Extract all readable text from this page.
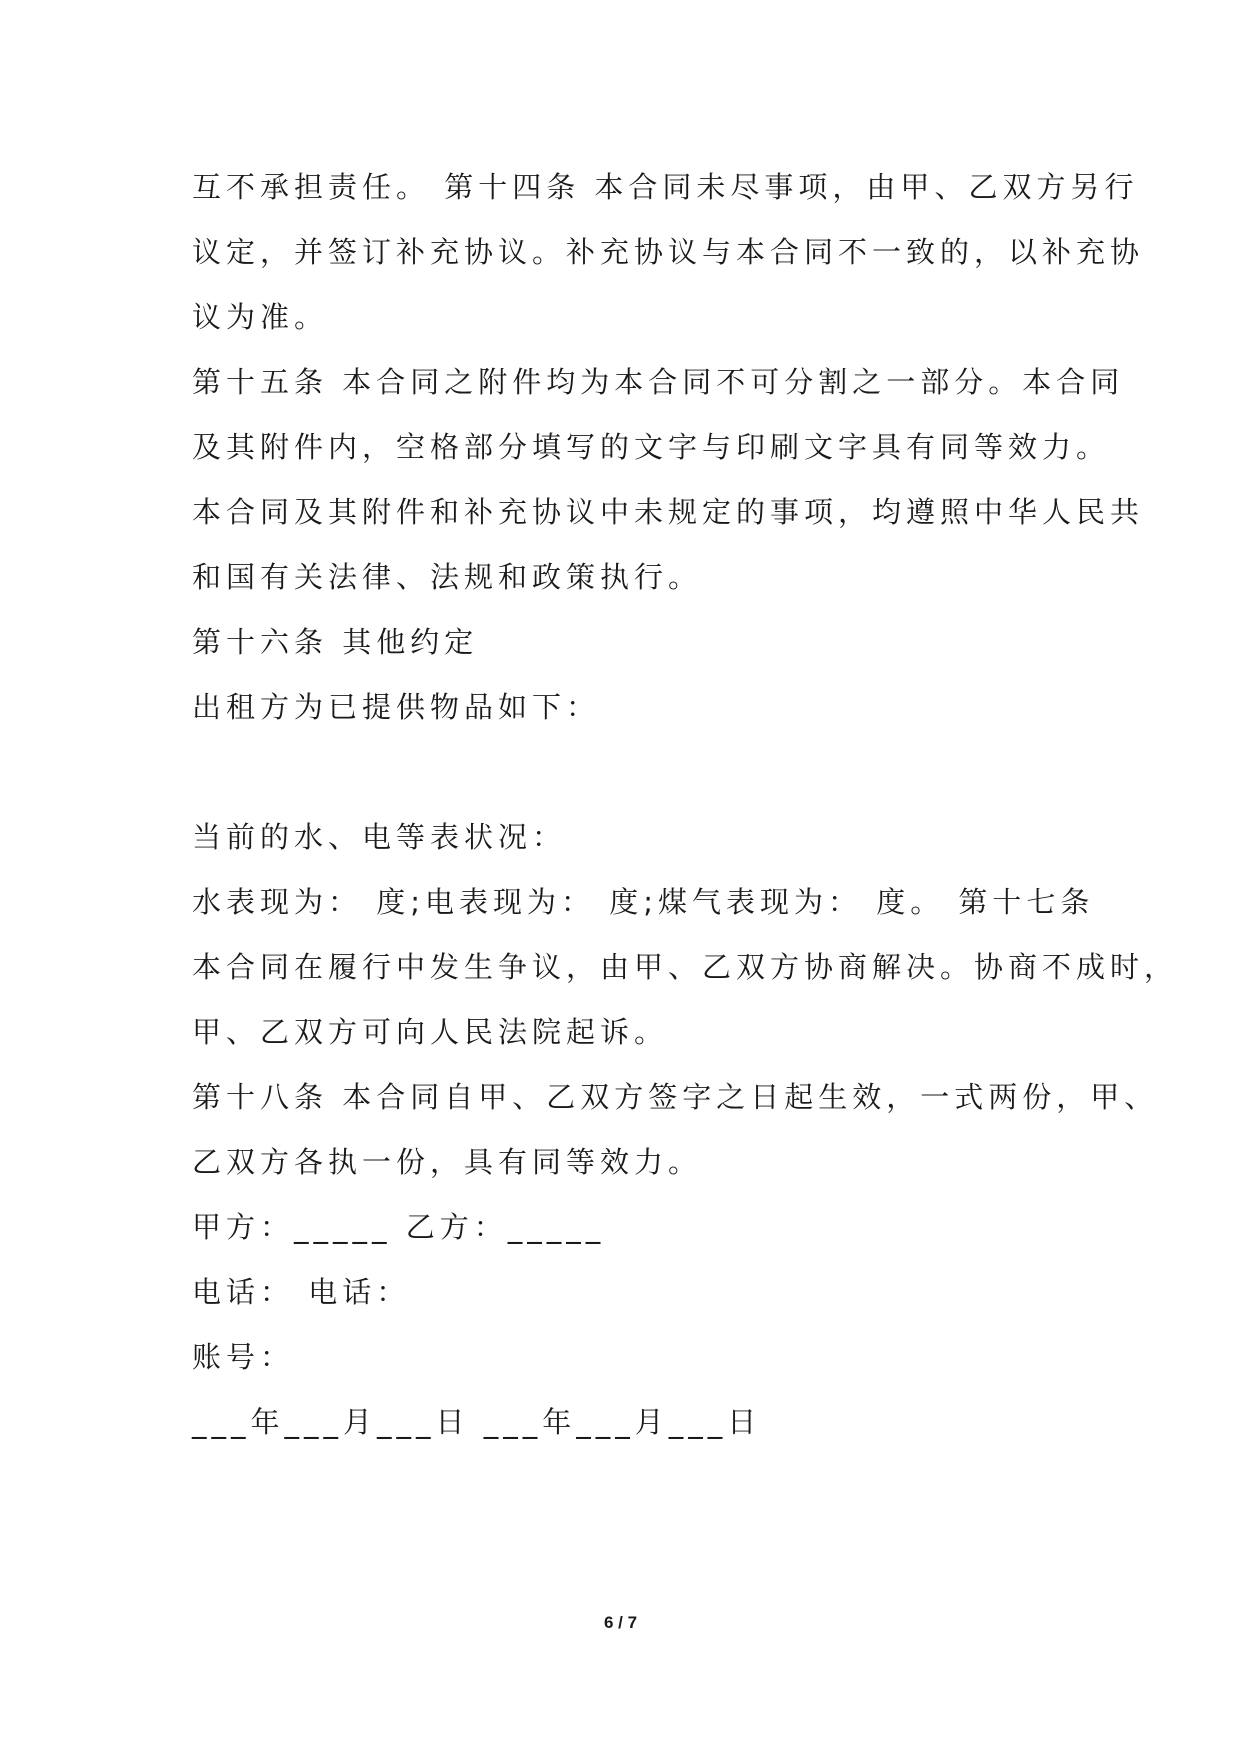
互不承担责任。 第十四条 本合同未尽事项，由甲、乙双方另行
议定，并签订补充协议。补充协议与本合同不一致的，以补充协
议为准。
第十五条 本合同之附件均为本合同不可分割之一部分。本合同
及其附件内，空格部分填写的文字与印刷文字具有同等效力。
本合同及其附件和补充协议中未规定的事项，均遵照中华人民共
和国有关法律、法规和政策执行。
第十六条 其他约定
出租方为已提供物品如下：
当前的水、电等表状况：
水表现为： 度;电表现为： 度;煤气表现为： 度。 第十七条
本合同在履行中发生争议，由甲、乙双方协商解决。协商不成时，
甲、乙双方可向人民法院起诉。
第十八条 本合同自甲、乙双方签字之日起生效，一式两份，甲、
乙双方各执一份，具有同等效力。
甲方：_____ 乙方：_____
电话： 电话：
账号：
___年___月___日 ___年___月___日
6 / 7
